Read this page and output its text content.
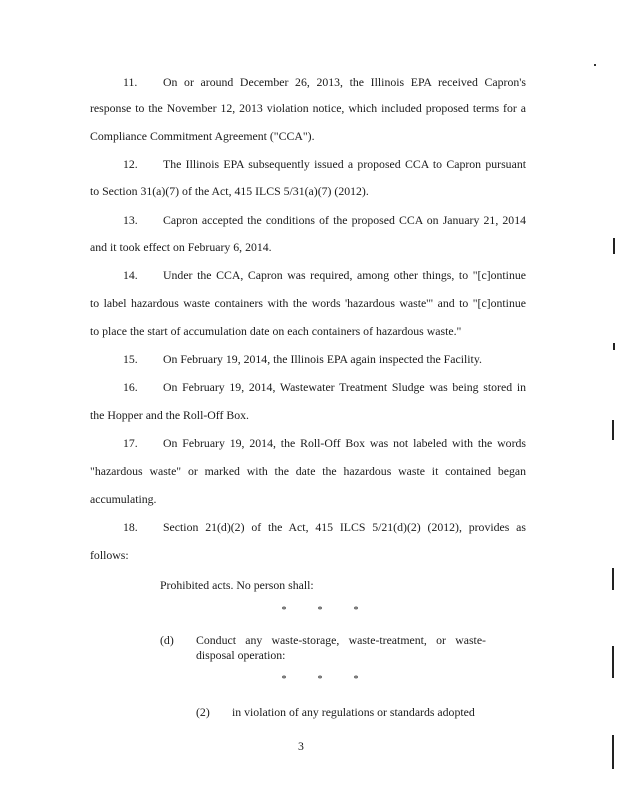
11. On or around December 26, 2013, the Illinois EPA received Capron's
response to the November 12, 2013 violation notice, which included proposed terms for a
Compliance Commitment Agreement ("CCA").
12. The Illinois EPA subsequently issued a proposed CCA to Capron pursuant
to Section 31(a)(7) of the Act, 415 ILCS 5/31(a)(7) (2012).
13. Capron accepted the conditions of the proposed CCA on January 21, 2014
and it took effect on February 6, 2014.
14. Under the CCA, Capron was required, among other things, to "[c]ontinue
to label hazardous waste containers with the words 'hazardous waste'" and to "[c]ontinue
to place the start of accumulation date on each containers of hazardous waste."
15. On February 19, 2014, the Illinois EPA again inspected the Facility.
16. On February 19, 2014, Wastewater Treatment Sludge was being stored in
the Hopper and the Roll-Off Box.
17. On February 19, 2014, the Roll-Off Box was not labeled with the words
"hazardous waste" or marked with the date the hazardous waste it contained began
accumulating.
18. Section 21(d)(2) of the Act, 415 ILCS 5/21(d)(2) (2012), provides as
follows:
Prohibited acts. No person shall:
*	*	*
(d) Conduct any waste-storage, waste-treatment, or waste-
disposal operation:
*	*	*
(2) in violation of any regulations or standards adopted
3
